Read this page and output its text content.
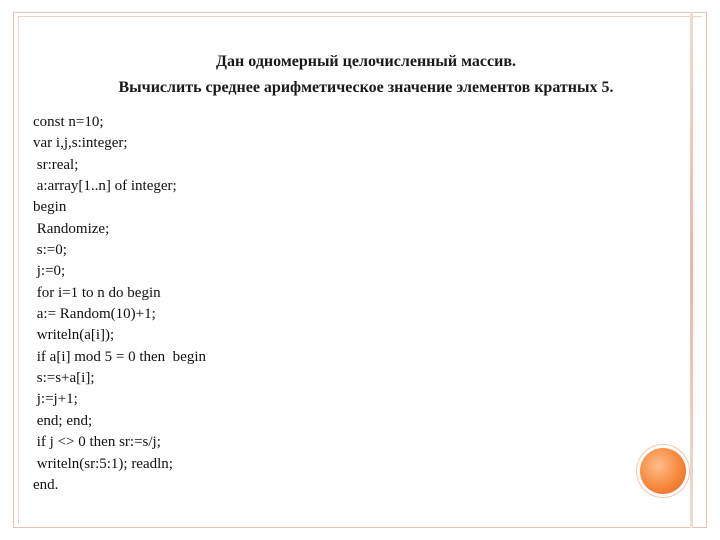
Дан одномерный целочисленный массив.
Вычислить среднее арифметическое значение элементов кратных 5.
const n=10;
var i,j,s:integer;
sr:real;
a:array[1..n] of integer;
begin
Randomize;
s:=0;
j:=0;
for i=1 to n do begin
a:= Random(10)+1;
writeln(a[i]);
if a[i] mod 5 = 0 then  begin
s:=s+a[i];
j:=j+1;
end; end;
if j <> 0 then sr:=s/j;
writeln(sr:5:1); readln;
end.
